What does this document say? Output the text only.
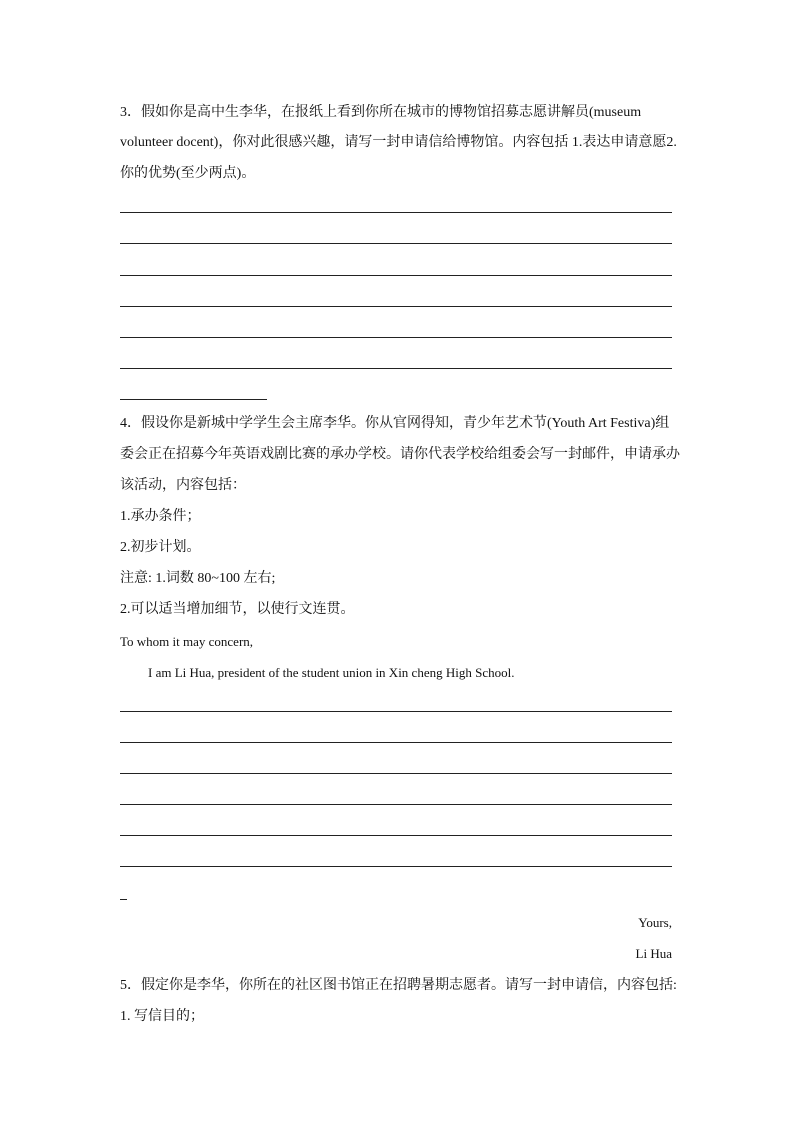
3．假如你是高中生李华，在报纸上看到你所在城市的博物馆招募志愿讲解员(museum
volunteer docent)，你对此很感兴趣，请写一封申请信给博物馆。内容包括 1.表达申请意愿2.
你的优势(至少两点)。
4．假设你是新城中学学生会主席李华。你从官网得知，青少年艺术节(Youth Art Festiva)组
委会正在招募今年英语戏剧比赛的承办学校。请你代表学校给组委会写一封邮件，申请承办
该活动，内容包括：
1.承办条件；
2.初步计划。
注意: 1.词数 80~100 左右;
2.可以适当增加细节，以使行文连贯。
To whom it may concern,
I am Li Hua, president of the student union in Xin cheng High School.
Yours,
Li Hua
5．假定你是李华，你所在的社区图书馆正在招聘暑期志愿者。请写一封申请信，内容包括:
1. 写信目的；
